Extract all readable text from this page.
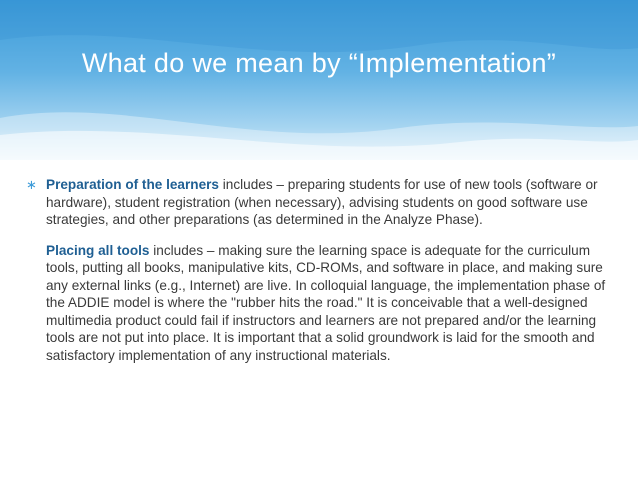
What do we mean by “Implementation”
∗ Preparation of the learners includes – preparing students for use of new tools (software or hardware), student registration (when necessary), advising students on good software use strategies, and other preparations (as determined in the Analyze Phase).

Placing all tools includes – making sure the learning space is adequate for the curriculum tools, putting all books, manipulative kits, CD-ROMs, and software in place, and making sure any external links (e.g., Internet) are live. In colloquial language, the implementation phase of the ADDIE model is where the "rubber hits the road." It is conceivable that a well-designed multimedia product could fail if instructors and learners are not prepared and/or the learning tools are not put into place. It is important that a solid groundwork is laid for the smooth and satisfactory implementation of any instructional materials.
